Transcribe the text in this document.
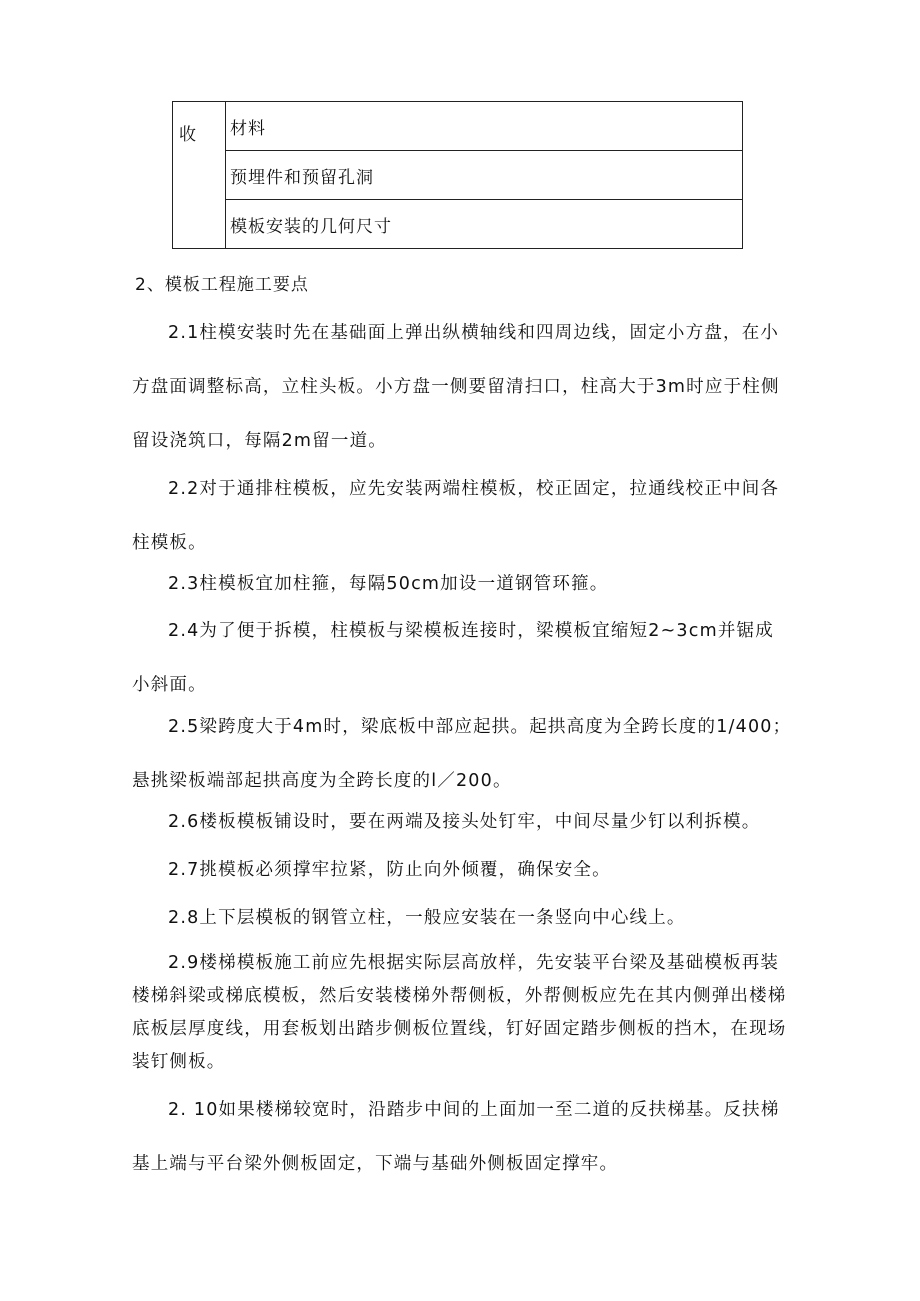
收	材料
预埋件和预留孔洞
模板安装的几何尺寸
2、模板工程施工要点
2.1柱模安装时先在基础面上弹出纵横轴线和四周边线，固定小方盘，在小方盘面调整标高，立柱头板。小方盘一侧要留清扫口，柱高大于3m时应于柱侧留设浇筑口，每隔2m留一道。
2.2对于通排柱模板，应先安装两端柱模板，校正固定，拉通线校正中间各柱模板。
2.3柱模板宜加柱箍，每隔50cm加设一道钢管环箍。
2.4为了便于拆模，柱模板与梁模板连接时，梁模板宜缩短2~3cm并锯成小斜面。
2.5梁跨度大于4m时，梁底板中部应起拱。起拱高度为全跨长度的1/400；悬挑梁板端部起拱高度为全跨长度的l／200。
2.6楼板模板铺设时，要在两端及接头处钉牢，中间尽量少钉以利拆模。
2.7挑模板必须撑牢拉紧，防止向外倾覆，确保安全。
2.8上下层模板的钢管立柱，一般应安装在一条竖向中心线上。
2.9楼梯模板施工前应先根据实际层高放样，先安装平台梁及基础模板再装楼梯斜梁或梯底模板，然后安装楼梯外帮侧板，外帮侧板应先在其内侧弹出楼梯底板层厚度线，用套板划出踏步侧板位置线，钉好固定踏步侧板的挡木，在现场装钉侧板。
2. 10如果楼梯较宽时，沿踏步中间的上面加一至二道的反扶梯基。反扶梯基上端与平台梁外侧板固定，下端与基础外侧板固定撑牢。
